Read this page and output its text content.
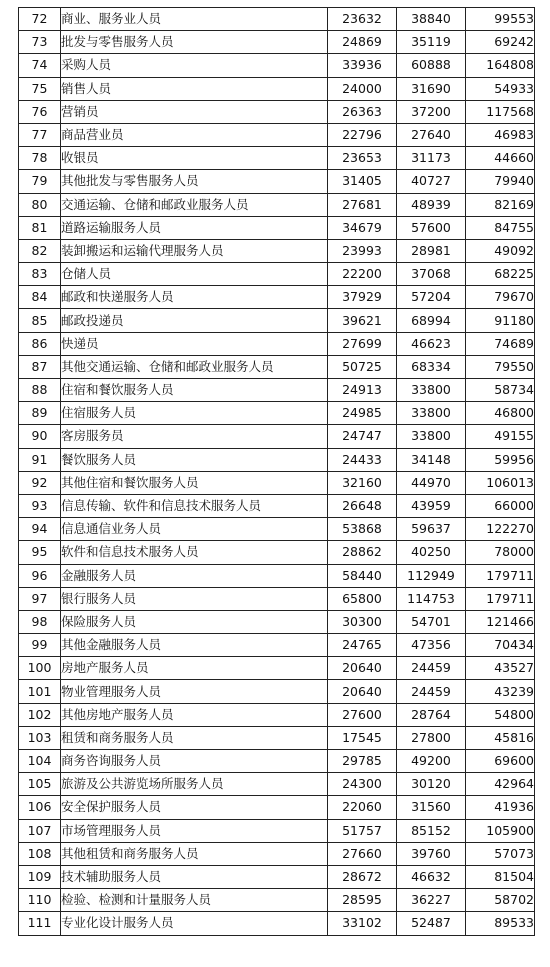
72	商业、服务业人员	23632	38840	99553
73	批发与零售服务人员	24869	35119	69242
74	采购人员	33936	60888	164808
75	销售人员	24000	31690	54933
76	营销员	26363	37200	117568
77	商品营业员	22796	27640	46983
78	收银员	23653	31173	44660
79	其他批发与零售服务人员	31405	40727	79940
80	交通运输、仓储和邮政业服务人员	27681	48939	82169
81	道路运输服务人员	34679	57600	84755
82	装卸搬运和运输代理服务人员	23993	28981	49092
83	仓储人员	22200	37068	68225
84	邮政和快递服务人员	37929	57204	79670
85	邮政投递员	39621	68994	91180
86	快递员	27699	46623	74689
87	其他交通运输、仓储和邮政业服务人员	50725	68334	79550
88	住宿和餐饮服务人员	24913	33800	58734
89	住宿服务人员	24985	33800	46800
90	客房服务员	24747	33800	49155
91	餐饮服务人员	24433	34148	59956
92	其他住宿和餐饮服务人员	32160	44970	106013
93	信息传输、软件和信息技术服务人员	26648	43959	66000
94	信息通信业务人员	53868	59637	122270
95	软件和信息技术服务人员	28862	40250	78000
96	金融服务人员	58440	112949	179711
97	银行服务人员	65800	114753	179711
98	保险服务人员	30300	54701	121466
99	其他金融服务人员	24765	47356	70434
100	房地产服务人员	20640	24459	43527
101	物业管理服务人员	20640	24459	43239
102	其他房地产服务人员	27600	28764	54800
103	租赁和商务服务人员	17545	27800	45816
104	商务咨询服务人员	29785	49200	69600
105	旅游及公共游览场所服务人员	24300	30120	42964
106	安全保护服务人员	22060	31560	41936
107	市场管理服务人员	51757	85152	105900
108	其他租赁和商务服务人员	27660	39760	57073
109	技术辅助服务人员	28672	46632	81504
110	检验、检测和计量服务人员	28595	36227	58702
111	专业化设计服务人员	33102	52487	89533
